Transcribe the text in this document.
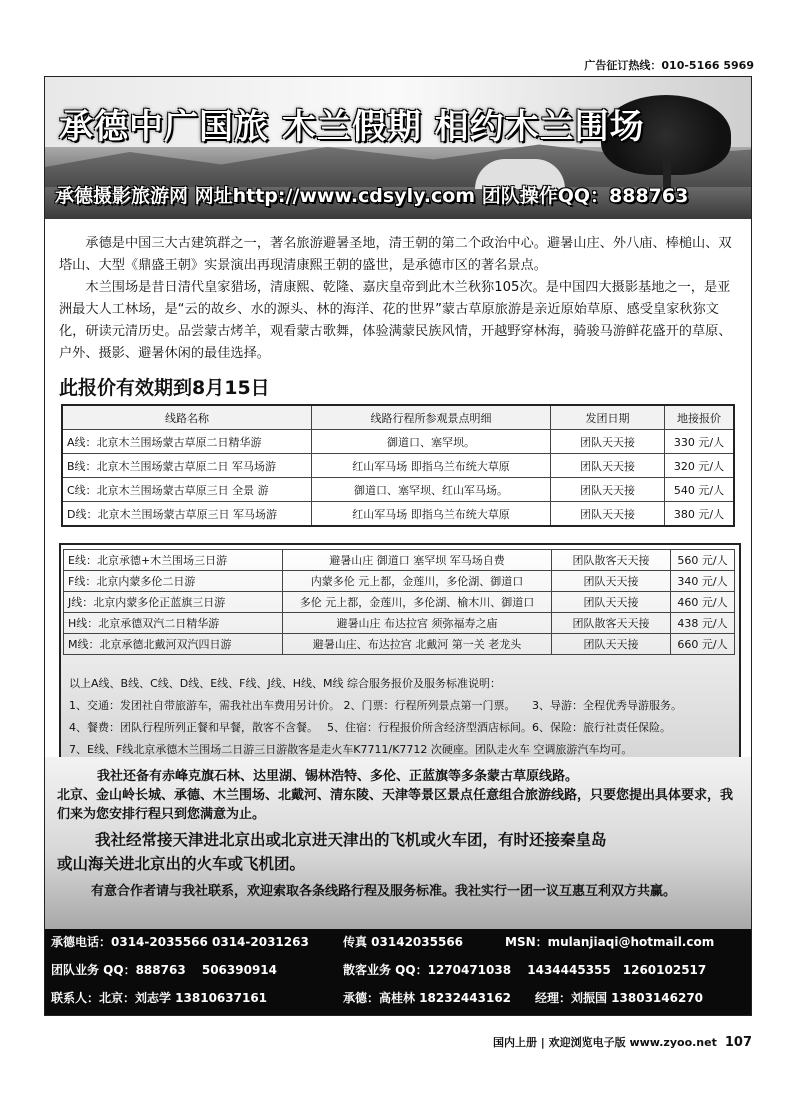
广告征订热线：010-5166 5969
承德中广国旅 木兰假期 相约木兰围场
承德摄影旅游网 网址http://www.cdsyly.com 团队操作QQ：888763

承德是中国三大古建筑群之一，著名旅游避暑圣地，清王朝的第二个政治中心。避暑山庄、外八庙、棒槌山、双塔山、大型《鼎盛王朝》实景演出再现清康熙王朝的盛世，是承德市区的著名景点。

木兰围场是昔日清代皇家猎场，清康熙、乾隆、嘉庆皇帝到此木兰秋狝105次。是中国四大摄影基地之一，是亚洲最大人工林场，是“云的故乡、水的源头、林的海洋、花的世界”蒙古草原旅游是亲近原始草原、感受皇家秋狝文化，研读元清历史。品尝蒙古烤羊，观看蒙古歌舞，体验满蒙民族风情，开越野穿林海，骑骏马游鲜花盛开的草原、户外、摄影、避暑休闲的最佳选择。

此报价有效期到8月15日
线路名称	线路行程所参观景点明细	发团日期	地接报价
A线：北京木兰围场蒙古草原二日精华游	御道口、塞罕坝。	团队天天接	330 元/人
B线：北京木兰围场蒙古草原二日 军马场游	红山军马场 即指乌兰布统大草原	团队天天接	320 元/人
C线：北京木兰围场蒙古草原三日 全景 游	御道口、塞罕坝、红山军马场。	团队天天接	540 元/人
D线：北京木兰围场蒙古草原三日 军马场游	红山军马场 即指乌兰布统大草原	团队天天接	380 元/人
E线：北京承德+木兰围场三日游	避暑山庄 御道口 塞罕坝 军马场自费	团队散客天天接	560 元/人
F线：北京内蒙多伦二日游	内蒙多伦 元上都，金莲川，多伦湖、御道口	团队天天接	340 元/人
J线：北京内蒙多伦正蓝旗三日游	多伦 元上都，金莲川，多伦湖、榆木川、御道口	团队天天接	460 元/人
H线：北京承德双汽二日精华游	避暑山庄 布达拉宫 须弥福寿之庙	团队散客天天接	438 元/人
M线：北京承德北戴河双汽四日游	避暑山庄、布达拉宫 北戴河 第一关 老龙头	团队天天接	660 元/人
以上A线、B线、C线、D线、E线、F线、J线、H线、M线 综合服务报价及服务标准说明：
1、交通：发团社自带旅游车，需我社出车费用另计价。 2、门票：行程所列景点第一门票。　　3、导游：全程优秀导游服务。
4、餐费：团队行程所列正餐和早餐，散客不含餐。　 5、住宿：行程报价所含经济型酒店标间。6、保险：旅行社责任保险。
7、E线、F线北京承德木兰围场二日游三日游散客是走火车K7711/K7712 次硬座。团队走火车 空调旅游汽车均可。
我社还备有赤峰克旗石林、达里湖、锡林浩特、多伦、正蓝旗等多条蒙古草原线路。
北京、金山岭长城、承德、木兰围场、北戴河、清东陵、天津等景区景点任意组合旅游线路，只要您提出具体要求，我们来为您安排行程只到您满意为止。
我社经常接天津进北京出或北京进天津出的飞机或火车团，有时还接秦皇岛
或山海关进北京出的火车或飞机团。
有意合作者请与我社联系，欢迎索取各条线路行程及服务标准。我社实行一团一议互惠互利双方共赢。
承德电话：0314-2035566 0314-2031263	传真 03142035566	MSN：mulanjiaqi@hotmail.com
团队业务 QQ：888763　 506390914	散客业务 QQ：1270471038　 1434445355　1260102517
联系人：北京：刘志学 13810637161	承德：高桂林 18232443162 经理：刘振国 13803146270
国内上册 | 欢迎浏览电子版 www.zyoo.net 107
